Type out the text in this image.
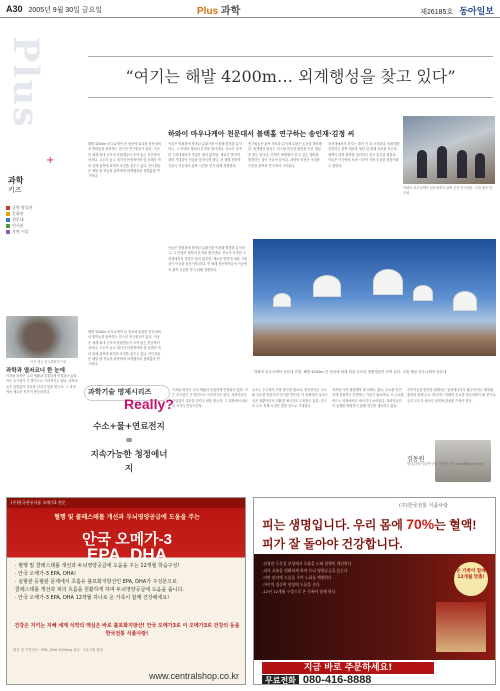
A30 2005년 9월 30일 금요일	Plus 과학	제26185호 동아일보
Plus
+
과학
키즈
공원 박물관
문화관
천문대
전시관
자연 시설
“여기는 해발 4200m… 외계행성을 찾고 있다”
하와이 마우나케아 천문대서 블랙홀 연구하는 송인재·김정 씨
해발 4200m 마우나케아 산 정상에 위치한 천문대에서 밤하늘을 관측하는 한국인 연구원들이 있다. 이곳은 세계 최대 규모의 망원경들이 모여 있는 천문학의 성지다. 고도가 높고 대기가 안정적이며 빛 공해가 적어 천체 관측에 최적의 조건을 갖추고 있다. 연구원들은 매일 밤 하늘을 관측하며 외계행성과 블랙홀을 연구한다.
이들은 망원경에 장착된 분광기를 이용해 별빛을 분석하고, 그 안에서 행성의 흔적을 찾아낸다. 산소가 부족한 고지대에서의 작업은 쉽지 않지만, 새로운 발견에 대한 기대감이 이들을 움직이게 한다. 전 세계 천문학자들이 이곳에서 관측 시간을 얻기 위해 경쟁한다.
연구원들은 관측 자료를 분석해 수많은 논문을 발표했다. 외계행성 탐사는 지구와 비슷한 환경을 가진 행성을 찾는 일이다. 언젠가 생명체가 살 수 있는 행성을 발견하는 것이 이들의 꿈이다. 과학의 발전은 이러한 꾸준한 관측과 연구에서 시작된다.
천문대에서의 하루는 해가 진 뒤 시작된다. 망원경을 점검하고 관측 대상을 정한 뒤 밤새 자료를 모은다. 새벽이 되면 장비를 정리하고 잠시 휴식을 취한다. 이들은 이곳에서 보낸 시간이 가장 소중한 경험이라고 말한다.
해발 4200m 마우나케아 산 정상에 위치한 천문대에서 밤하늘을 관측하는 한국인 연구원들이 있다. 이곳은 세계 최대 규모의 망원경들이 모여 있는 천문학의 성지다. 고도가 높고 대기가 안정적이며 빛 공해가 적어 천체 관측에 최적의 조건을 갖추고 있다. 연구원들은 매일 밤 하늘을 관측하며 외계행성과 블랙홀을 연구한다.
이들은 망원경에 장착된 분광기를 이용해 별빛을 분석하고, 그 안에서 행성의 흔적을 찾아낸다. 산소가 부족한 고지대에서의 작업은 쉽지 않지만, 새로운 발견에 대한 기대감이 이들을 움직이게 한다. 전 세계 천문학자들이 이곳에서 관측 시간을 얻기 위해 경쟁한다.
하와이 마우나케아 천문대에서 관측 중인 연구원들. 사진 제공 연구원
하와이 마우나케아 천문대 전경. 해발 4200m 산 정상에 세계 최대 규모의 망원경들이 모여 있다. 사진 제공 마우나케아 천문대
사진 제공 한국해양연구원
과학과 열쇠코너 한 눈에
이처럼 과학은 우리 생활과 밀접하게 연결되어 있다. 작은 호기심이 큰 발견으로 이어지기도 한다. 과학자들은 끊임없이 질문을 던지고 답을 찾는다. 그 과정에서 새로운 지식이 만들어진다.	과학기술 명제시리즈
Really?
수소+물+연료전지
=
지속가능한 청정에너지
이처럼 과학은 우리 생활과 밀접하게 연결되어 있다. 작은 호기심이 큰 발견으로 이어지기도 한다. 과학자들은 끊임없이 질문을 던지고 답을 찾는다. 그 과정에서 새로운 지식이 만들어진다.
수소는 우주에서 가장 풍부한 원소다. 연료전지는 수소와 산소를 반응시켜 전기를 만든다. 이 과정에서 나오는 것은 물뿐이어서 친환경 에너지로 주목받고 있다. 앞으로 수소 경제 시대가 열릴 것으로 기대된다.
하지만 아직 해결해야 할 과제도 많다. 수소를 안전하게 저장하고 운반하는 기술이 필요하다. 또 수소를 만드는 과정에서도 에너지가 소비된다. 과학자들은 이 문제를 해결하기 위해 연구를 계속하고 있다.
지속가능한 발전을 위해서는 청정에너지가 필수적이다. 태양광, 풍력과 함께 수소 에너지는 미래의 중요한 에너지원이 될 것이다. 우리 모두가 에너지 절약에 관심을 가져야 한다.
김동원
한국과학기술연구원 선임연구원 kdw@kist.re.kr
(주)한국전통식품 오메가3 전문
혈행 및 콜레스테롤 개선과 두뇌영양공급에 도움을 주는
안국 오메가-3
EPA, DHA
· 혈행 및 콜레스테롤 개선과 두뇌영양공급에 도움을 주는 12개월 학습구성!
· 안국 오메가-3 EPA, DHA!
· 심혈관 등혈관 문제에서 초흡유 불포화지방산인 EPA, DHA가 주성분으로
콜레스테롤 개선과 피의 흐름을 원활하게 하며 두뇌영양공급에 도움을 줍니다.
· 안국 오메가-3 EPA, DHA 12개월 하나로 온 가족이 함께 건강해세요!
건강은 지키는 지혜 세계 식약의 엑심은 바로 불포화지방산! 안국 오메가3로 이 오메가3로 건강의 등을 한국전통 식품사랑!
원산 및 가격정보 · EPA, DHA 1000mg 함유 · 1일 2회 섭취
www.centralshop.co.kr
(주)한국전통 식품사랑
피는 생명입니다. 우리 몸에 70%는 혈액!
피가 잘 돌아야 건강합니다.
-심혈관 등문질 산성에서 호흡을 도와 혈행의 개선한다
-피의 흐름을 원활하게 하여 두뇌 영양공급을 돕는다
-비만 관리에 도움을 주며 노화를 예방한다
-아이의 집중력 향상에 도움을 준다
-12년 12개월 구성으로 온 가족이 함께 한다
온 가족이 함께 12개월 맞춤!
지금 바로 주문하세요!
무료전화 080-416-8888
